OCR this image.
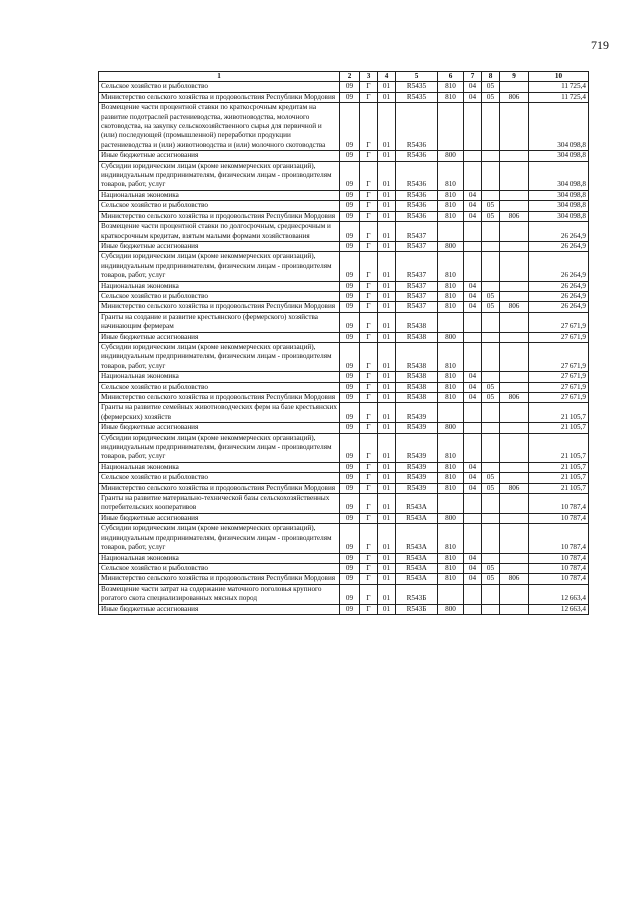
719
1	2	3	4	5	6	7	8	9	10
Сельское хозяйство и рыболовство	09	Г	01	R5435	810	04	05		11 725,4
Министерство сельского хозяйства и продовольствия Республики Мордовия	09	Г	01	R5435	810	04	05	806	11 725,4
Возмещение части процентной ставки по краткосрочным кредитам на развитие подотраслей растениеводства, животноводства, молочного скотоводства, на закупку сельскохозяйственного сырья для первичной и (или) последующей (промышленной) переработки продукции растениеводства и (или) животноводства и (или) молочного скотоводства	09	Г	01	R5436					304 098,8
Иные бюджетные ассигнования	09	Г	01	R5436	800				304 098,8
Субсидии юридическим лицам (кроме некоммерческих организаций), индивидуальным предпринимателям, физическим лицам - производителям товаров, работ, услуг	09	Г	01	R5436	810				304 098,8
Национальная экономика	09	Г	01	R5436	810	04			304 098,8
Сельское хозяйство и рыболовство	09	Г	01	R5436	810	04	05		304 098,8
Министерство сельского хозяйства и продовольствия Республики Мордовия	09	Г	01	R5436	810	04	05	806	304 098,8
Возмещение части процентной ставки по долгосрочным, среднесрочным и краткосрочным кредитам, взятым малыми формами хозяйствования	09	Г	01	R5437					26 264,9
Иные бюджетные ассигнования	09	Г	01	R5437	800				26 264,9
Субсидии юридическим лицам (кроме некоммерческих организаций), индивидуальным предпринимателям, физическим лицам - производителям товаров, работ, услуг	09	Г	01	R5437	810				26 264,9
Национальная экономика	09	Г	01	R5437	810	04			26 264,9
Сельское хозяйство и рыболовство	09	Г	01	R5437	810	04	05		26 264,9
Министерство сельского хозяйства и продовольствия Республики Мордовия	09	Г	01	R5437	810	04	05	806	26 264,9
Гранты на создание и развитие крестьянского (фермерского) хозяйства начинающим фермерам	09	Г	01	R5438					27 671,9
Иные бюджетные ассигнования	09	Г	01	R5438	800				27 671,9
Субсидии юридическим лицам (кроме некоммерческих организаций), индивидуальным предпринимателям, физическим лицам - производителям товаров, работ, услуг	09	Г	01	R5438	810				27 671,9
Национальная экономика	09	Г	01	R5438	810	04			27 671,9
Сельское хозяйство и рыболовство	09	Г	01	R5438	810	04	05		27 671,9
Министерство сельского хозяйства и продовольствия Республики Мордовия	09	Г	01	R5438	810	04	05	806	27 671,9
Гранты на развитие семейных животноводческих ферм на базе крестьянских (фермерских) хозяйств	09	Г	01	R5439					21 105,7
Иные бюджетные ассигнования	09	Г	01	R5439	800				21 105,7
Субсидии юридическим лицам (кроме некоммерческих организаций), индивидуальным предпринимателям, физическим лицам - производителям товаров, работ, услуг	09	Г	01	R5439	810				21 105,7
Национальная экономика	09	Г	01	R5439	810	04			21 105,7
Сельское хозяйство и рыболовство	09	Г	01	R5439	810	04	05		21 105,7
Министерство сельского хозяйства и продовольствия Республики Мордовия	09	Г	01	R5439	810	04	05	806	21 105,7
Гранты на развитие материально-технической базы сельскохозяйственных потребительских кооперативов	09	Г	01	R543А					10 787,4
Иные бюджетные ассигнования	09	Г	01	R543А	800				10 787,4
Субсидии юридическим лицам (кроме некоммерческих организаций), индивидуальным предпринимателям, физическим лицам - производителям товаров, работ, услуг	09	Г	01	R543А	810				10 787,4
Национальная экономика	09	Г	01	R543А	810	04			10 787,4
Сельское хозяйство и рыболовство	09	Г	01	R543А	810	04	05		10 787,4
Министерство сельского хозяйства и продовольствия Республики Мордовия	09	Г	01	R543А	810	04	05	806	10 787,4
Возмещение части затрат на содержание маточного поголовья крупного рогатого скота специализированных мясных пород	09	Г	01	R543Б					12 663,4
Иные бюджетные ассигнования	09	Г	01	R543Б	800				12 663,4
